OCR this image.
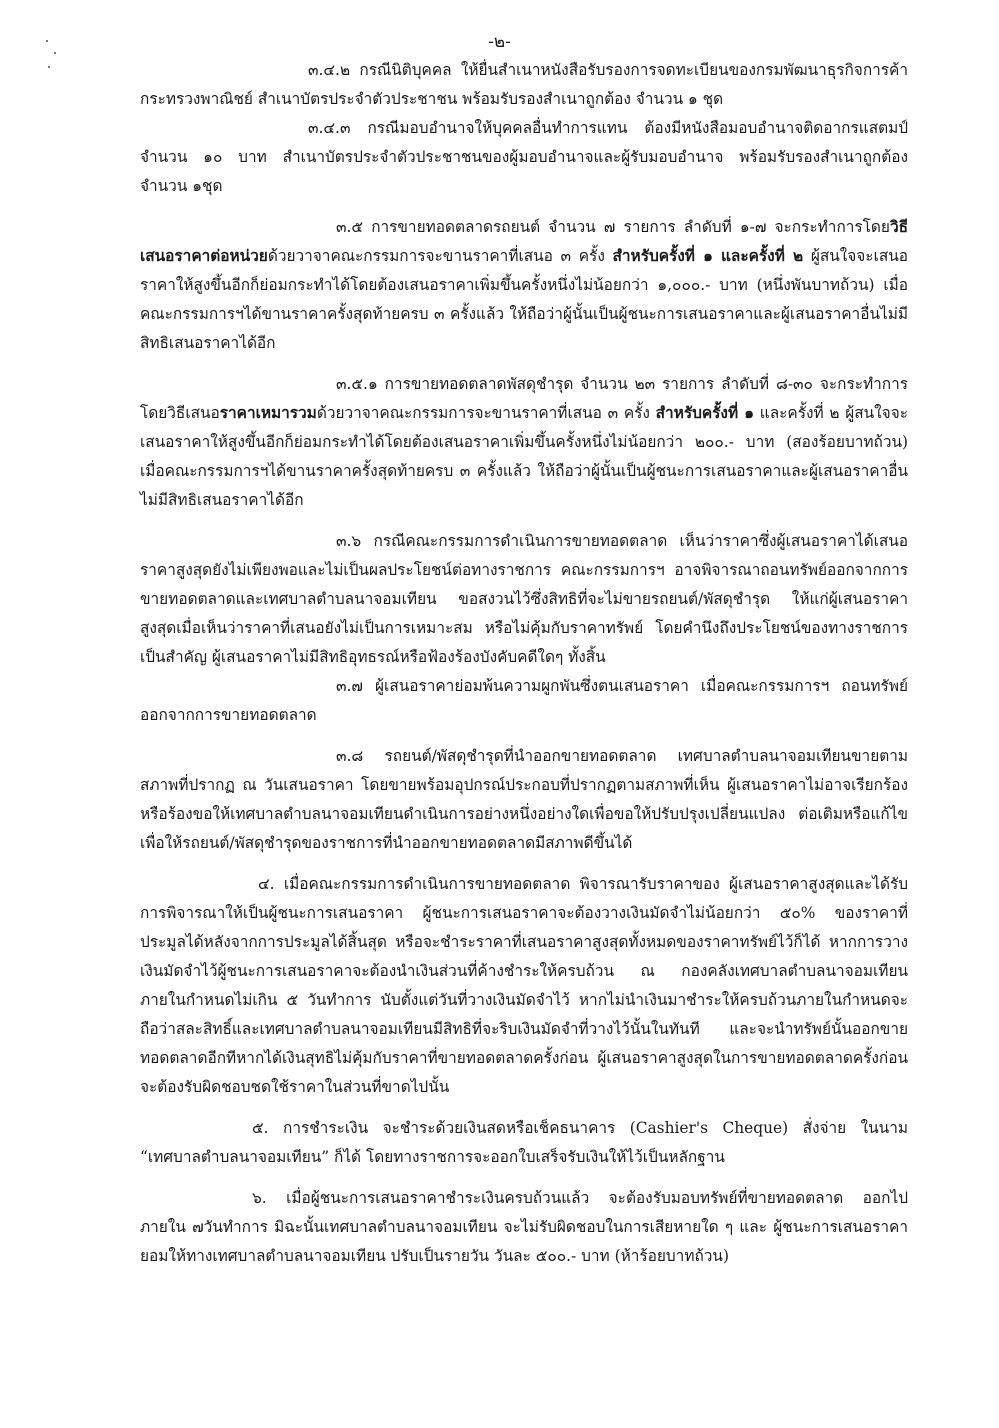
-๒-

๓.๔.๒ กรณีนิติบุคคล ให้ยื่นสำเนาหนังสือรับรองการจดทะเบียนของกรมพัฒนาธุรกิจการค้า กระทรวงพาณิชย์ สำเนาบัตรประจำตัวประชาชน พร้อมรับรองสำเนาถูกต้อง จำนวน ๑ ชุด

๓.๔.๓ กรณีมอบอำนาจให้บุคคลอื่นทำการแทน ต้องมีหนังสือมอบอำนาจติดอากรแสตมป์ จำนวน ๑๐ บาท สำเนาบัตรประจำตัวประชาชนของผู้มอบอำนาจและผู้รับมอบอำนาจ พร้อมรับรองสำเนาถูกต้อง จำนวน ๑ชุด

๓.๕ การขายทอดตลาดรถยนต์ จำนวน ๗ รายการ ลำดับที่ ๑-๗ จะกระทำการโดยวิธีเสนอราคาต่อหน่วยด้วยวาจาคณะกรรมการจะขานราคาที่เสนอ ๓ ครั้ง สำหรับครั้งที่ ๑ และครั้งที่ ๒ ผู้สนใจจะเสนอราคาให้สูงขึ้นอีกก็ย่อมกระทำได้โดยต้องเสนอราคาเพิ่มขึ้นครั้งหนึ่งไม่น้อยกว่า ๑,๐๐๐.- บาท (หนึ่งพันบาทถ้วน) เมื่อคณะกรรมการฯได้ขานราคาครั้งสุดท้ายครบ ๓ ครั้งแล้ว ให้ถือว่าผู้นั้นเป็นผู้ชนะการเสนอราคาและผู้เสนอราคาอื่นไม่มีสิทธิเสนอราคาได้อีก

๓.๕.๑ การขายทอดตลาดพัสดุชำรุด จำนวน ๒๓ รายการ ลำดับที่ ๘-๓๐ จะกระทำการโดยวิธีเสนอราคาเหมารวมด้วยวาจาคณะกรรมการจะขานราคาที่เสนอ ๓ ครั้ง สำหรับครั้งที่ ๑ และครั้งที่ ๒ ผู้สนใจจะเสนอราคาให้สูงขึ้นอีกก็ย่อมกระทำได้โดยต้องเสนอราคาเพิ่มขึ้นครั้งหนึ่งไม่น้อยกว่า ๒๐๐.- บาท (สองร้อยบาทถ้วน) เมื่อคณะกรรมการฯได้ขานราคาครั้งสุดท้ายครบ ๓ ครั้งแล้ว ให้ถือว่าผู้นั้นเป็นผู้ชนะการเสนอราคาและผู้เสนอราคาอื่นไม่มีสิทธิเสนอราคาได้อีก

๓.๖ กรณีคณะกรรมการดำเนินการขายทอดตลาด เห็นว่าราคาซึ่งผู้เสนอราคาได้เสนอราคาสูงสุดยังไม่เพียงพอและไม่เป็นผลประโยชน์ต่อทางราชการ คณะกรรมการฯ อาจพิจารณาถอนทรัพย์ออกจากการขายทอดตลาดและเทศบาลตำบลนาจอมเทียน ขอสงวนไว้ซึ่งสิทธิที่จะไม่ขายรถยนต์/พัสดุชำรุด ให้แก่ผู้เสนอราคาสูงสุดเมื่อเห็นว่าราคาที่เสนอยังไม่เป็นการเหมาะสม หรือไม่คุ้มกับราคาทรัพย์ โดยคำนึงถึงประโยชน์ของทางราชการเป็นสำคัญ ผู้เสนอราคาไม่มีสิทธิอุทธรณ์หรือฟ้องร้องบังคับคดีใดๆ ทั้งสิ้น

๓.๗ ผู้เสนอราคาย่อมพ้นความผูกพันซึ่งตนเสนอราคา เมื่อคณะกรรมการฯ ถอนทรัพย์ออกจากการขายทอดตลาด

๓.๘ รถยนต์/พัสดุชำรุดที่นำออกขายทอดตลาด เทศบาลตำบลนาจอมเทียนขายตามสภาพที่ปรากฏ ณ วันเสนอราคา โดยขายพร้อมอุปกรณ์ประกอบที่ปรากฏตามสภาพที่เห็น ผู้เสนอราคาไม่อาจเรียกร้องหรือร้องขอให้เทศบาลตำบลนาจอมเทียนดำเนินการอย่างหนึ่งอย่างใดเพื่อขอให้ปรับปรุงเปลี่ยนแปลง ต่อเติมหรือแก้ไข เพื่อให้รถยนต์/พัสดุชำรุดของราชการที่นำออกขายทอดตลาดมีสภาพดีขึ้นได้

๔. เมื่อคณะกรรมการดำเนินการขายทอดตลาด พิจารณารับราคาของ ผู้เสนอราคาสูงสุดและได้รับการพิจารณาให้เป็นผู้ชนะการเสนอราคา ผู้ชนะการเสนอราคาจะต้องวางเงินมัดจำไม่น้อยกว่า ๕๐% ของราคาที่ประมูลได้หลังจากการประมูลได้สิ้นสุด หรือจะชำระราคาที่เสนอราคาสูงสุดทั้งหมดของราคาทรัพย์ไว้ก็ได้ หากการวางเงินมัดจำไว้ผู้ชนะการเสนอราคาจะต้องนำเงินส่วนที่ค้างชำระให้ครบถ้วน ณ กองคลังเทศบาลตำบลนาจอมเทียน ภายในกำหนดไม่เกิน ๕ วันทำการ นับตั้งแต่วันที่วางเงินมัดจำไว้ หากไม่นำเงินมาชำระให้ครบถ้วนภายในกำหนดจะถือว่าสละสิทธิ์และเทศบาลตำบลนาจอมเทียนมีสิทธิที่จะริบเงินมัดจำที่วางไว้นั้นในทันที และจะนำทรัพย์นั้นออกขายทอดตลาดอีกทีหากได้เงินสุทธิไม่คุ้มกับราคาที่ขายทอดตลาดครั้งก่อน ผู้เสนอราคาสูงสุดในการขายทอดตลาดครั้งก่อนจะต้องรับผิดชอบชดใช้ราคาในส่วนที่ขาดไปนั้น

๕. การชำระเงิน จะชำระด้วยเงินสดหรือเช็คธนาคาร (Cashier's Cheque) สั่งจ่าย ในนาม “เทศบาลตำบลนาจอมเทียน” ก็ได้ โดยทางราชการจะออกใบเสร็จรับเงินให้ไว้เป็นหลักฐาน

๖. เมื่อผู้ชนะการเสนอราคาชำระเงินครบถ้วนแล้ว จะต้องรับมอบทรัพย์ที่ขายทอดตลาด ออกไปภายใน ๗วันทำการ มิฉะนั้นเทศบาลตำบลนาจอมเทียน จะไม่รับผิดชอบในการเสียหายใด ๆ และ ผู้ชนะการเสนอราคายอมให้ทางเทศบาลตำบลนาจอมเทียน ปรับเป็นรายวัน วันละ ๕๐๐.- บาท (ห้าร้อยบาทถ้วน)
